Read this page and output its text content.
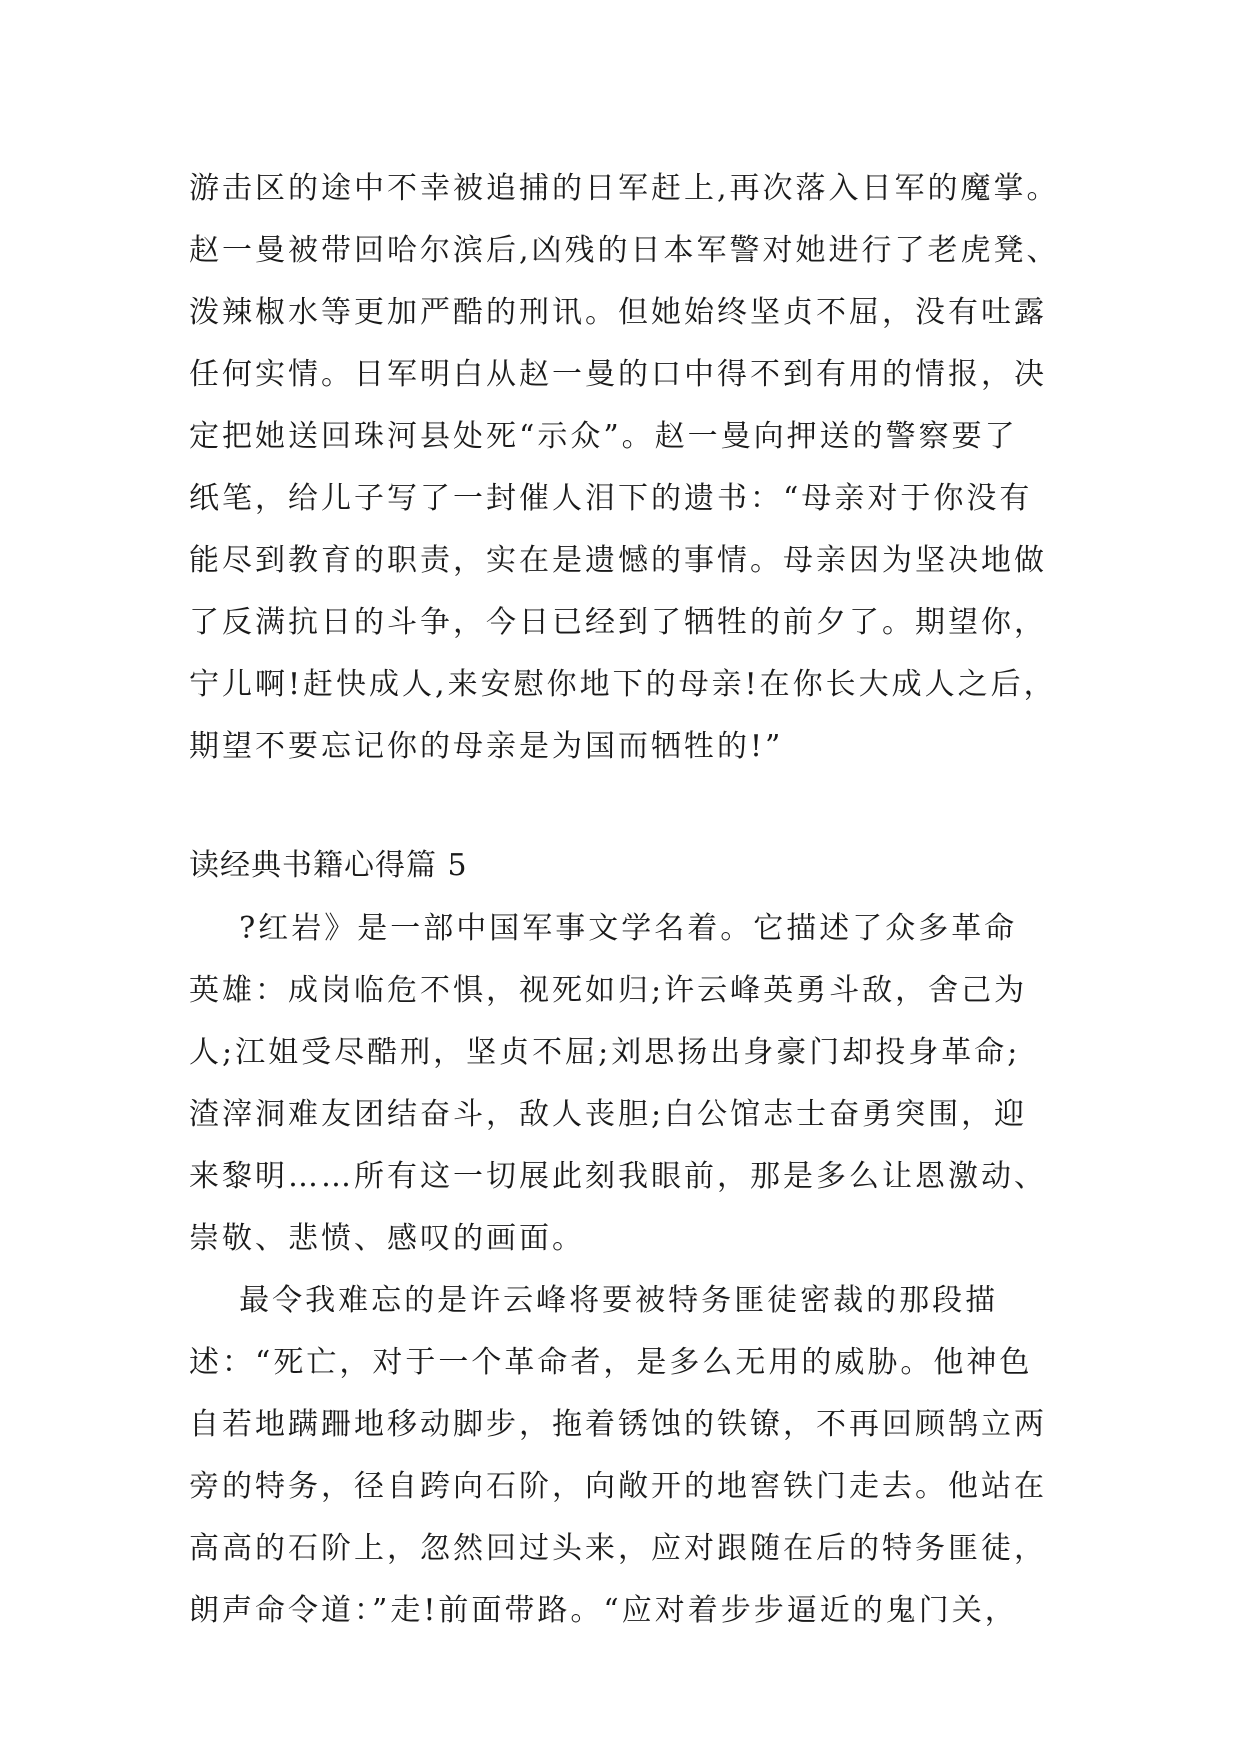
游击区的途中不幸被追捕的日军赶上,再次落入日军的魔掌。
赵一曼被带回哈尔滨后,凶残的日本军警对她进行了老虎凳、
泼辣椒水等更加严酷的刑讯。但她始终坚贞不屈，没有吐露
任何实情。日军明白从赵一曼的口中得不到有用的情报，决
定把她送回珠河县处死“示众”。赵一曼向押送的警察要了
纸笔，给儿子写了一封催人泪下的遗书：“母亲对于你没有
能尽到教育的职责，实在是遗憾的事情。母亲因为坚决地做
了反满抗日的斗争，今日已经到了牺牲的前夕了。期望你，
宁儿啊!赶快成人,来安慰你地下的母亲!在你长大成人之后，
期望不要忘记你的母亲是为国而牺牲的!”
读经典书籍心得篇 5
?红岩》是一部中国军事文学名着。它描述了众多革命
英雄：成岗临危不惧，视死如归;许云峰英勇斗敌，舍己为
人;江姐受尽酷刑，坚贞不屈;刘思扬出身豪门却投身革命;
渣滓洞难友团结奋斗，敌人丧胆;白公馆志士奋勇突围，迎
来黎明……所有这一切展此刻我眼前，那是多么让恩激动、
崇敬、悲愤、感叹的画面。
最令我难忘的是许云峰将要被特务匪徒密裁的那段描
述：“死亡，对于一个革命者，是多么无用的威胁。他神色
自若地蹒跚地移动脚步，拖着锈蚀的铁镣，不再回顾鹄立两
旁的特务，径自跨向石阶，向敞开的地窖铁门走去。他站在
高高的石阶上，忽然回过头来，应对跟随在后的特务匪徒，
朗声命令道：”走!前面带路。“应对着步步逼近的鬼门关，
